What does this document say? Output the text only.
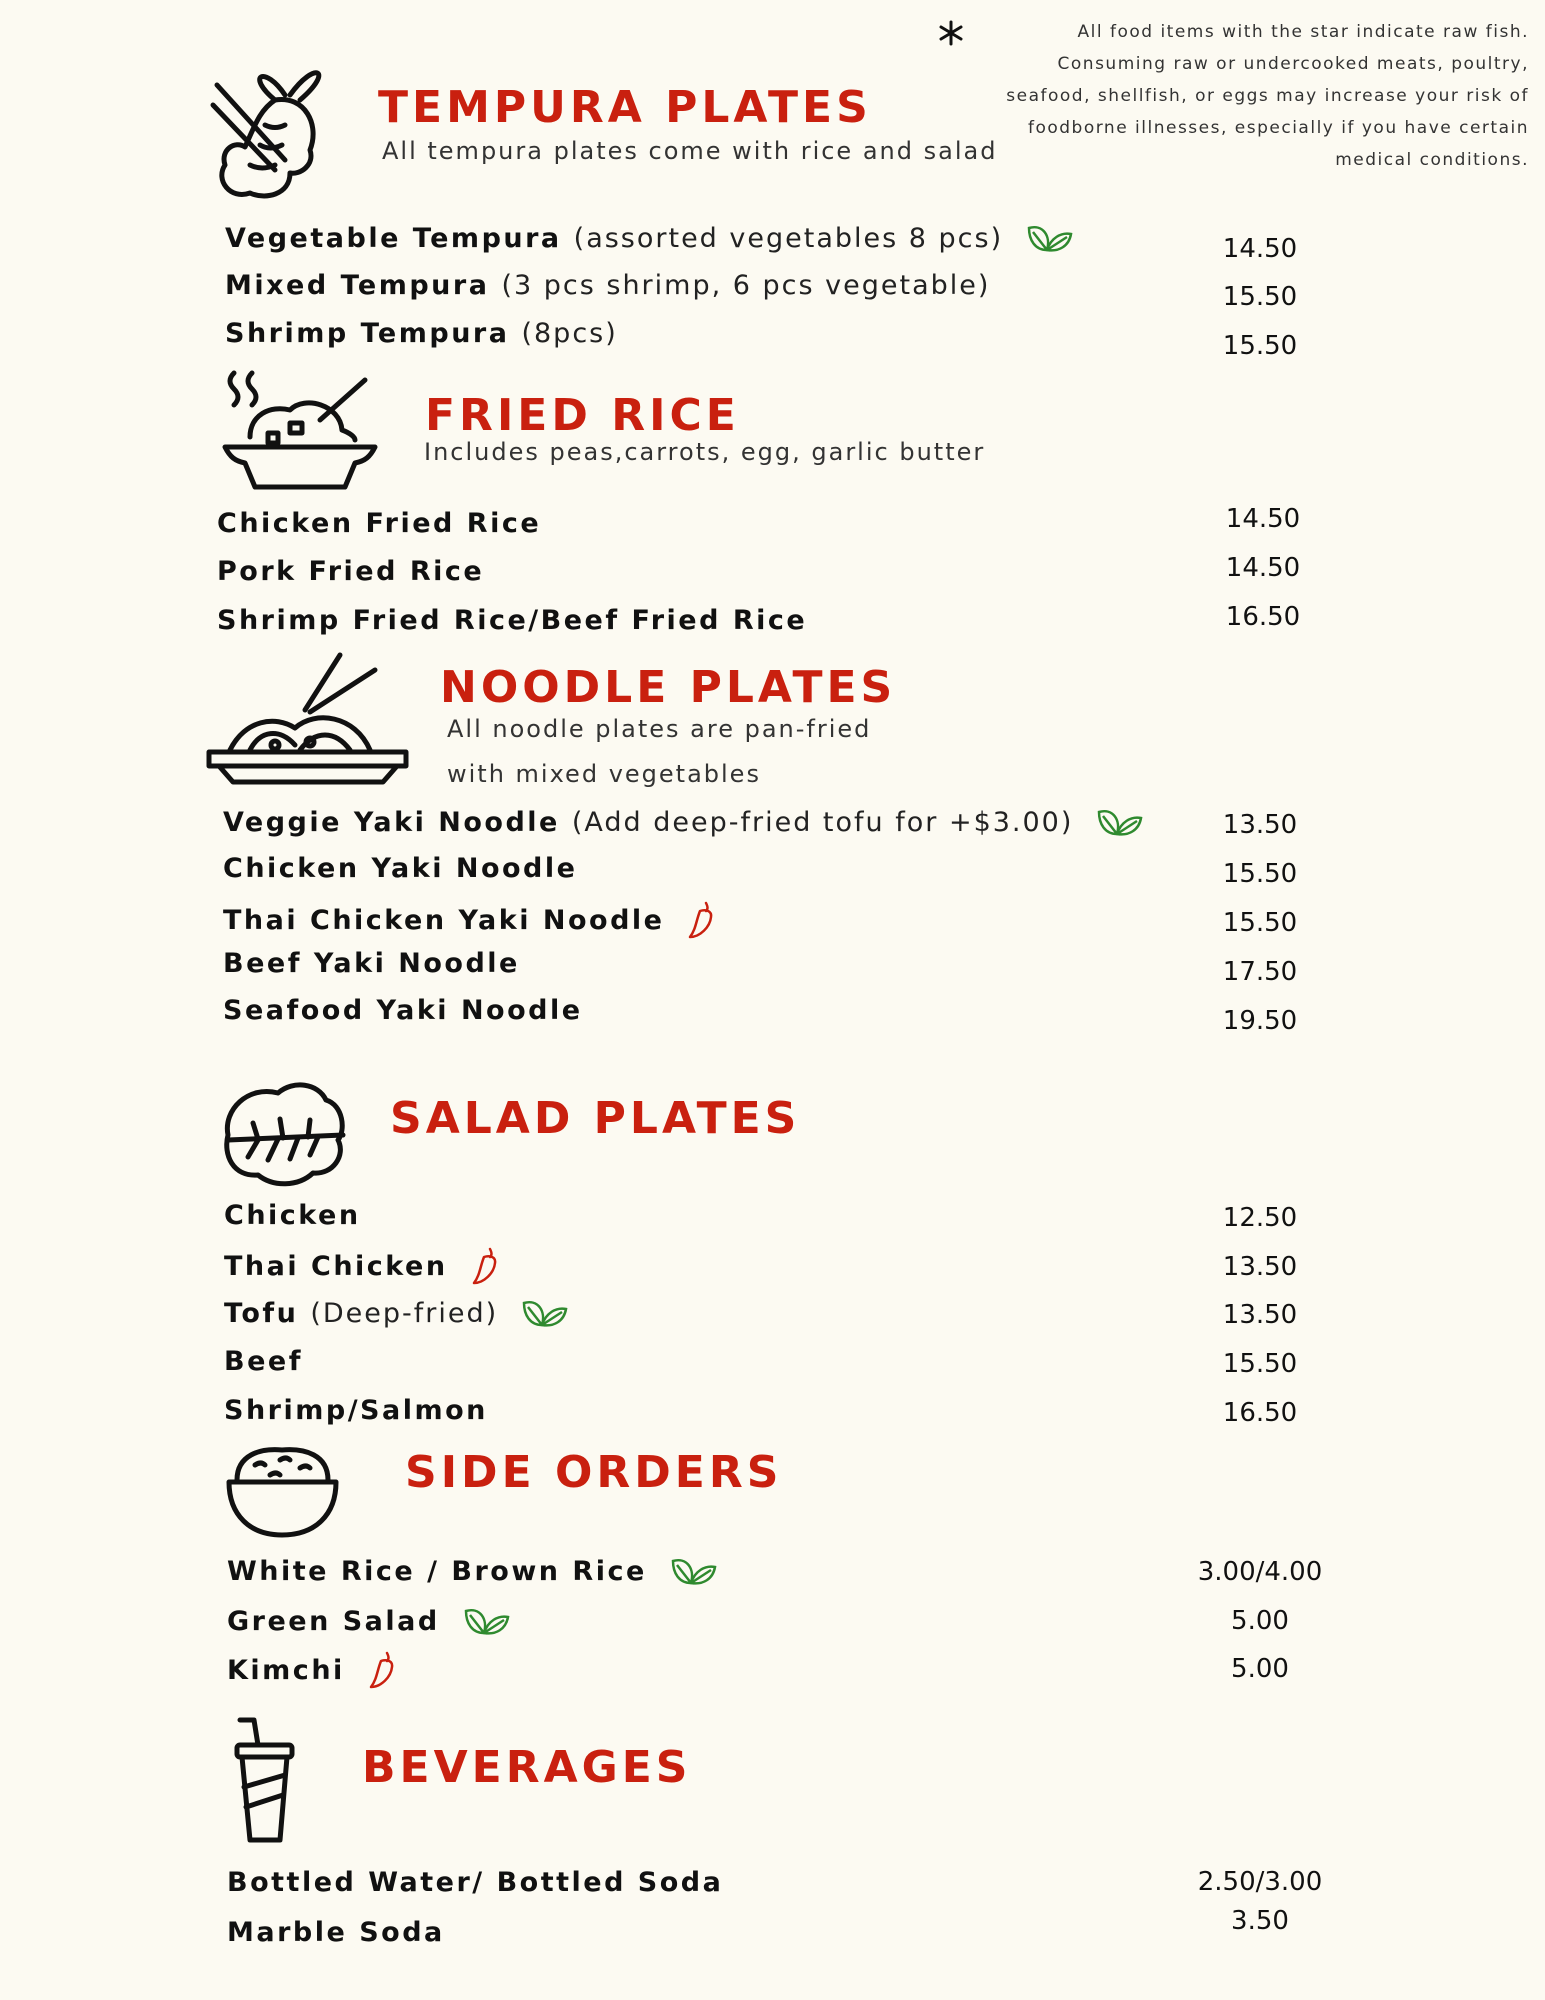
All food items with the star indicate raw fish. Consuming raw or undercooked meats, poultry, seafood, shellfish, or eggs may increase your risk of foodborne illnesses, especially if you have certain medical conditions.
TEMPURA PLATES
All tempura plates come with rice and salad
Vegetable Tempura (assorted vegetables 8 pcs)	14.50
Mixed Tempura (3 pcs shrimp, 6 pcs vegetable)	15.50
Shrimp Tempura (8pcs)	15.50
FRIED RICE
Includes peas,carrots, egg, garlic butter
Chicken Fried Rice	14.50
Pork Fried Rice	14.50
Shrimp Fried Rice/Beef Fried Rice	16.50
NOODLE PLATES
All noodle plates are pan-fried
with mixed vegetables
Veggie Yaki Noodle (Add deep-fried tofu for +$3.00)	13.50
Chicken Yaki Noodle	15.50
Thai Chicken Yaki Noodle	15.50
Beef Yaki Noodle	17.50
Seafood Yaki Noodle	19.50
SALAD PLATES
Chicken	12.50
Thai Chicken	13.50
Tofu (Deep-fried)	13.50
Beef	15.50
Shrimp/Salmon	16.50
SIDE ORDERS
White Rice / Brown Rice	3.00/4.00
Green Salad	5.00
Kimchi	5.00
BEVERAGES
Bottled Water/ Bottled Soda	2.50/3.00
Marble Soda	3.50
